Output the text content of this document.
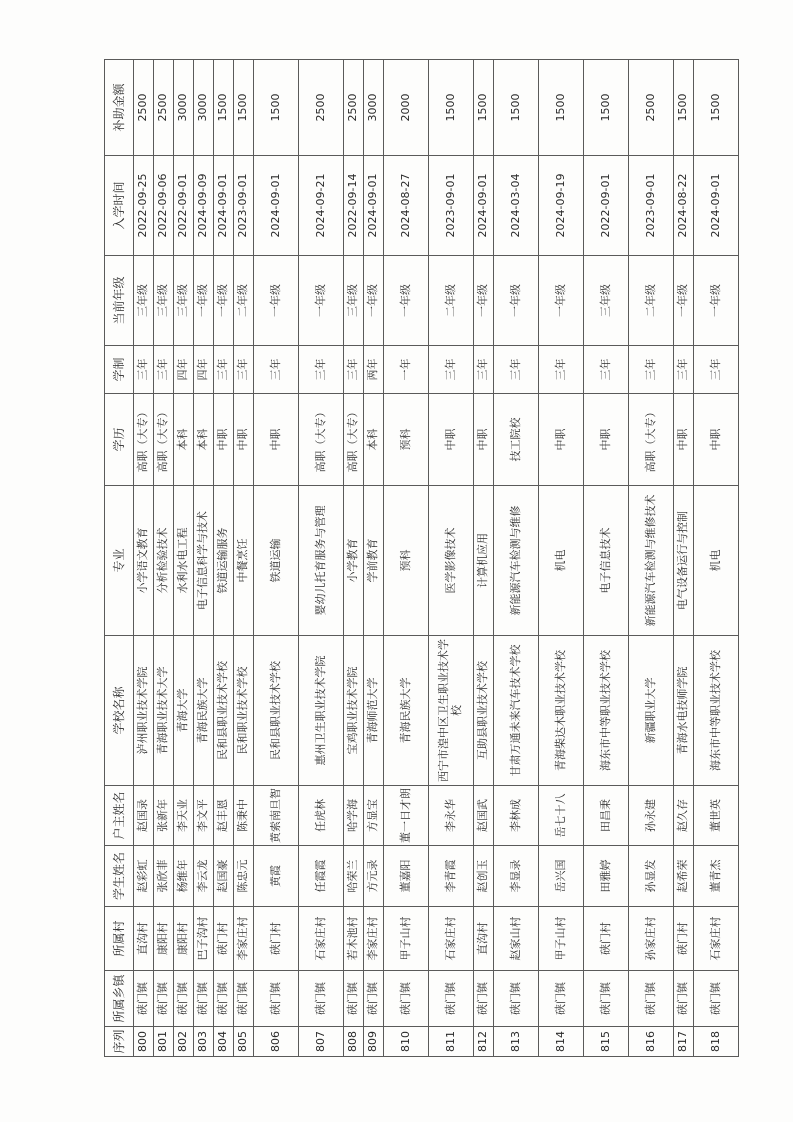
序列	所属乡镇	所属村	学生姓名	户主姓名	学校名称	专业	学历	学制	当前年级	入学时间	补助金额
800	硖门镇	直沟村	赵彩虹	赵国录	泸州职业技术学院	小学语文教育	高职（大专）	三年	三年级	2022-09-25	2500
801	硖门镇	康阳村	张欣菲	张新年	青海职业技术大学	分析检验技术	高职（大专）	三年	三年级	2022-09-06	2500
802	硖门镇	康阳村	杨维年	李天业	青海大学	水利水电工程	本科	四年	三年级	2022-09-01	3000
803	硖门镇	巴子沟村	李云龙	李文平	青海民族大学	电子信息科学与技术	本科	四年	一年级	2024-09-09	3000
804	硖门镇	硖门村	赵国豪	赵丰恩	民和县职业技术学校	铁道运输服务	中职	三年	一年级	2024-09-01	1500
805	硖门镇	李家庄村	陈忠元	陈秉中	民和职业技术学校	中餐烹饪	中职	三年	二年级	2023-09-01	1500
806	硖门镇	硖门村	黄霞	黄索南旦智	民和县职业技术学校	铁道运输	中职	三年	一年级	2024-09-01	1500
807	硖门镇	石家庄村	任霞霞	任虎林	惠州卫生职业技术学院	婴幼儿托育服务与管理	高职（大专）	三年	一年级	2024-09-21	2500
808	硖门镇	若木池村	哈荣兰	哈学海	宝鸡职业技术学院	小学教育	高职（大专）	三年	三年级	2022-09-14	2500
809	硖门镇	李家庄村	方元录	方显宝	青海师范大学	学前教育	本科	两年	一年级	2024-09-01	3000
810	硖门镇	甲子山村	董嘉阳	董一日才朗	青海民族大学	预科	预科	一年	一年级	2024-08-27	2000
811	硖门镇	石家庄村	李青霞	李永华	西宁市湟中区卫生职业技术学校	医学影像技术	中职	三年	二年级	2023-09-01	1500
812	硖门镇	直沟村	赵创玉	赵国武	互助县职业技术学校	计算机应用	中职	三年	一年级	2024-09-01	1500
813	硖门镇	赵家山村	李显录	李林成	甘肃万通未来汽车技术学校	新能源汽车检测与维修	技工院校	三年	一年级	2024-03-04	1500
814	硖门镇	甲子山村	岳兴国	岳七十八	青海柴达木职业技术学校	机电	中职	三年	一年级	2024-09-19	1500
815	硖门镇	硖门村	田雅婷	田昌秉	海东市中等职业技术学校	电子信息技术	中职	三年	三年级	2022-09-01	1500
816	硖门镇	孙家庄村	孙显发	孙永建	新疆职业大学	新能源汽车检测与维修技术	高职（大专）	三年	二年级	2023-09-01	2500
817	硖门镇	硖门村	赵希荣	赵久存	青海水电技师学院	电气设备运行与控制	中职	三年	一年级	2024-08-22	1500
818	硖门镇	石家庄村	董青杰	董世英	海东市中等职业技术学校	机电	中职	三年	一年级	2024-09-01	1500
